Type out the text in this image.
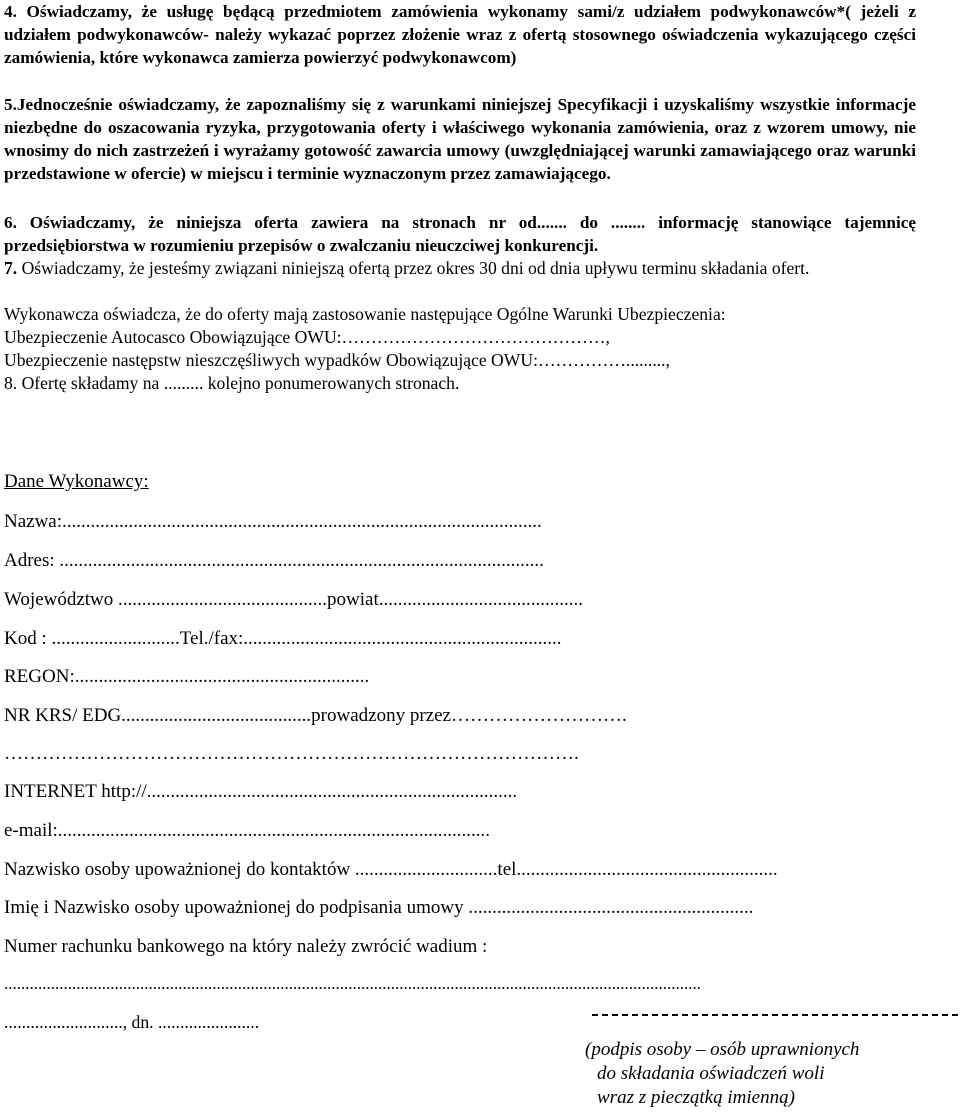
4. Oświadczamy, że usługę będącą przedmiotem zamówienia wykonamy sami/z udziałem podwykonawców*( jeżeli z udziałem podwykonawców- należy wykazać poprzez złożenie wraz z ofertą stosownego oświadczenia wykazującego części zamówienia, które wykonawca zamierza powierzyć podwykonawcom)

5.Jednocześnie oświadczamy, że zapoznaliśmy się z warunkami niniejszej Specyfikacji i uzyskaliśmy wszystkie informacje niezbędne do oszacowania ryzyka, przygotowania oferty i właściwego wykonania zamówienia, oraz z wzorem umowy, nie wnosimy do nich zastrzeżeń i wyrażamy gotowość zawarcia umowy (uwzględniającej warunki zamawiającego oraz warunki przedstawione w ofercie) w miejscu i terminie wyznaczonym przez zamawiającego.

6. Oświadczamy, że niniejsza oferta zawiera na stronach nr od....... do ........ informację stanowiące tajemnicę przedsiębiorstwa w rozumieniu przepisów o zwalczaniu nieuczciwej konkurencji.

7. Oświadczamy, że jesteśmy związani niniejszą ofertą przez okres 30 dni od dnia upływu terminu składania ofert.

Wykonawcza oświadcza, że do oferty mają zastosowanie następujące Ogólne Warunki Ubezpieczenia:

Ubezpieczenie Autocasco Obowiązujące OWU:………………………………………,

Ubezpieczenie następstw nieszczęśliwych wypadków Obowiązujące OWU:…………….........,

8. Ofertę składamy na ......... kolejno ponumerowanych stronach.

Dane Wykonawcy:
Nazwa:.....................................................................................................
Adres: ......................................................................................................
Województwo ............................................powiat...........................................
Kod : ...........................Tel./fax:...................................................................
REGON:..............................................................
NR KRS/ EDG........................................prowadzony przez……………………….
……………………………………………………………………………….
INTERNET http://..............................................................................
e-mail:...........................................................................................
Nazwisko osoby upoważnionej do kontaktów ..............................tel.......................................................
Imię i Nazwisko osoby upoważnionej do podpisania umowy ............................................................
Numer rachunku bankowego na który należy zwrócić wadium :
....................................................................................................................................................................
..........................., dn. .......................
(podpis osoby – osób uprawnionych
do składania oświadczeń woli
wraz z pieczątką imienną)
